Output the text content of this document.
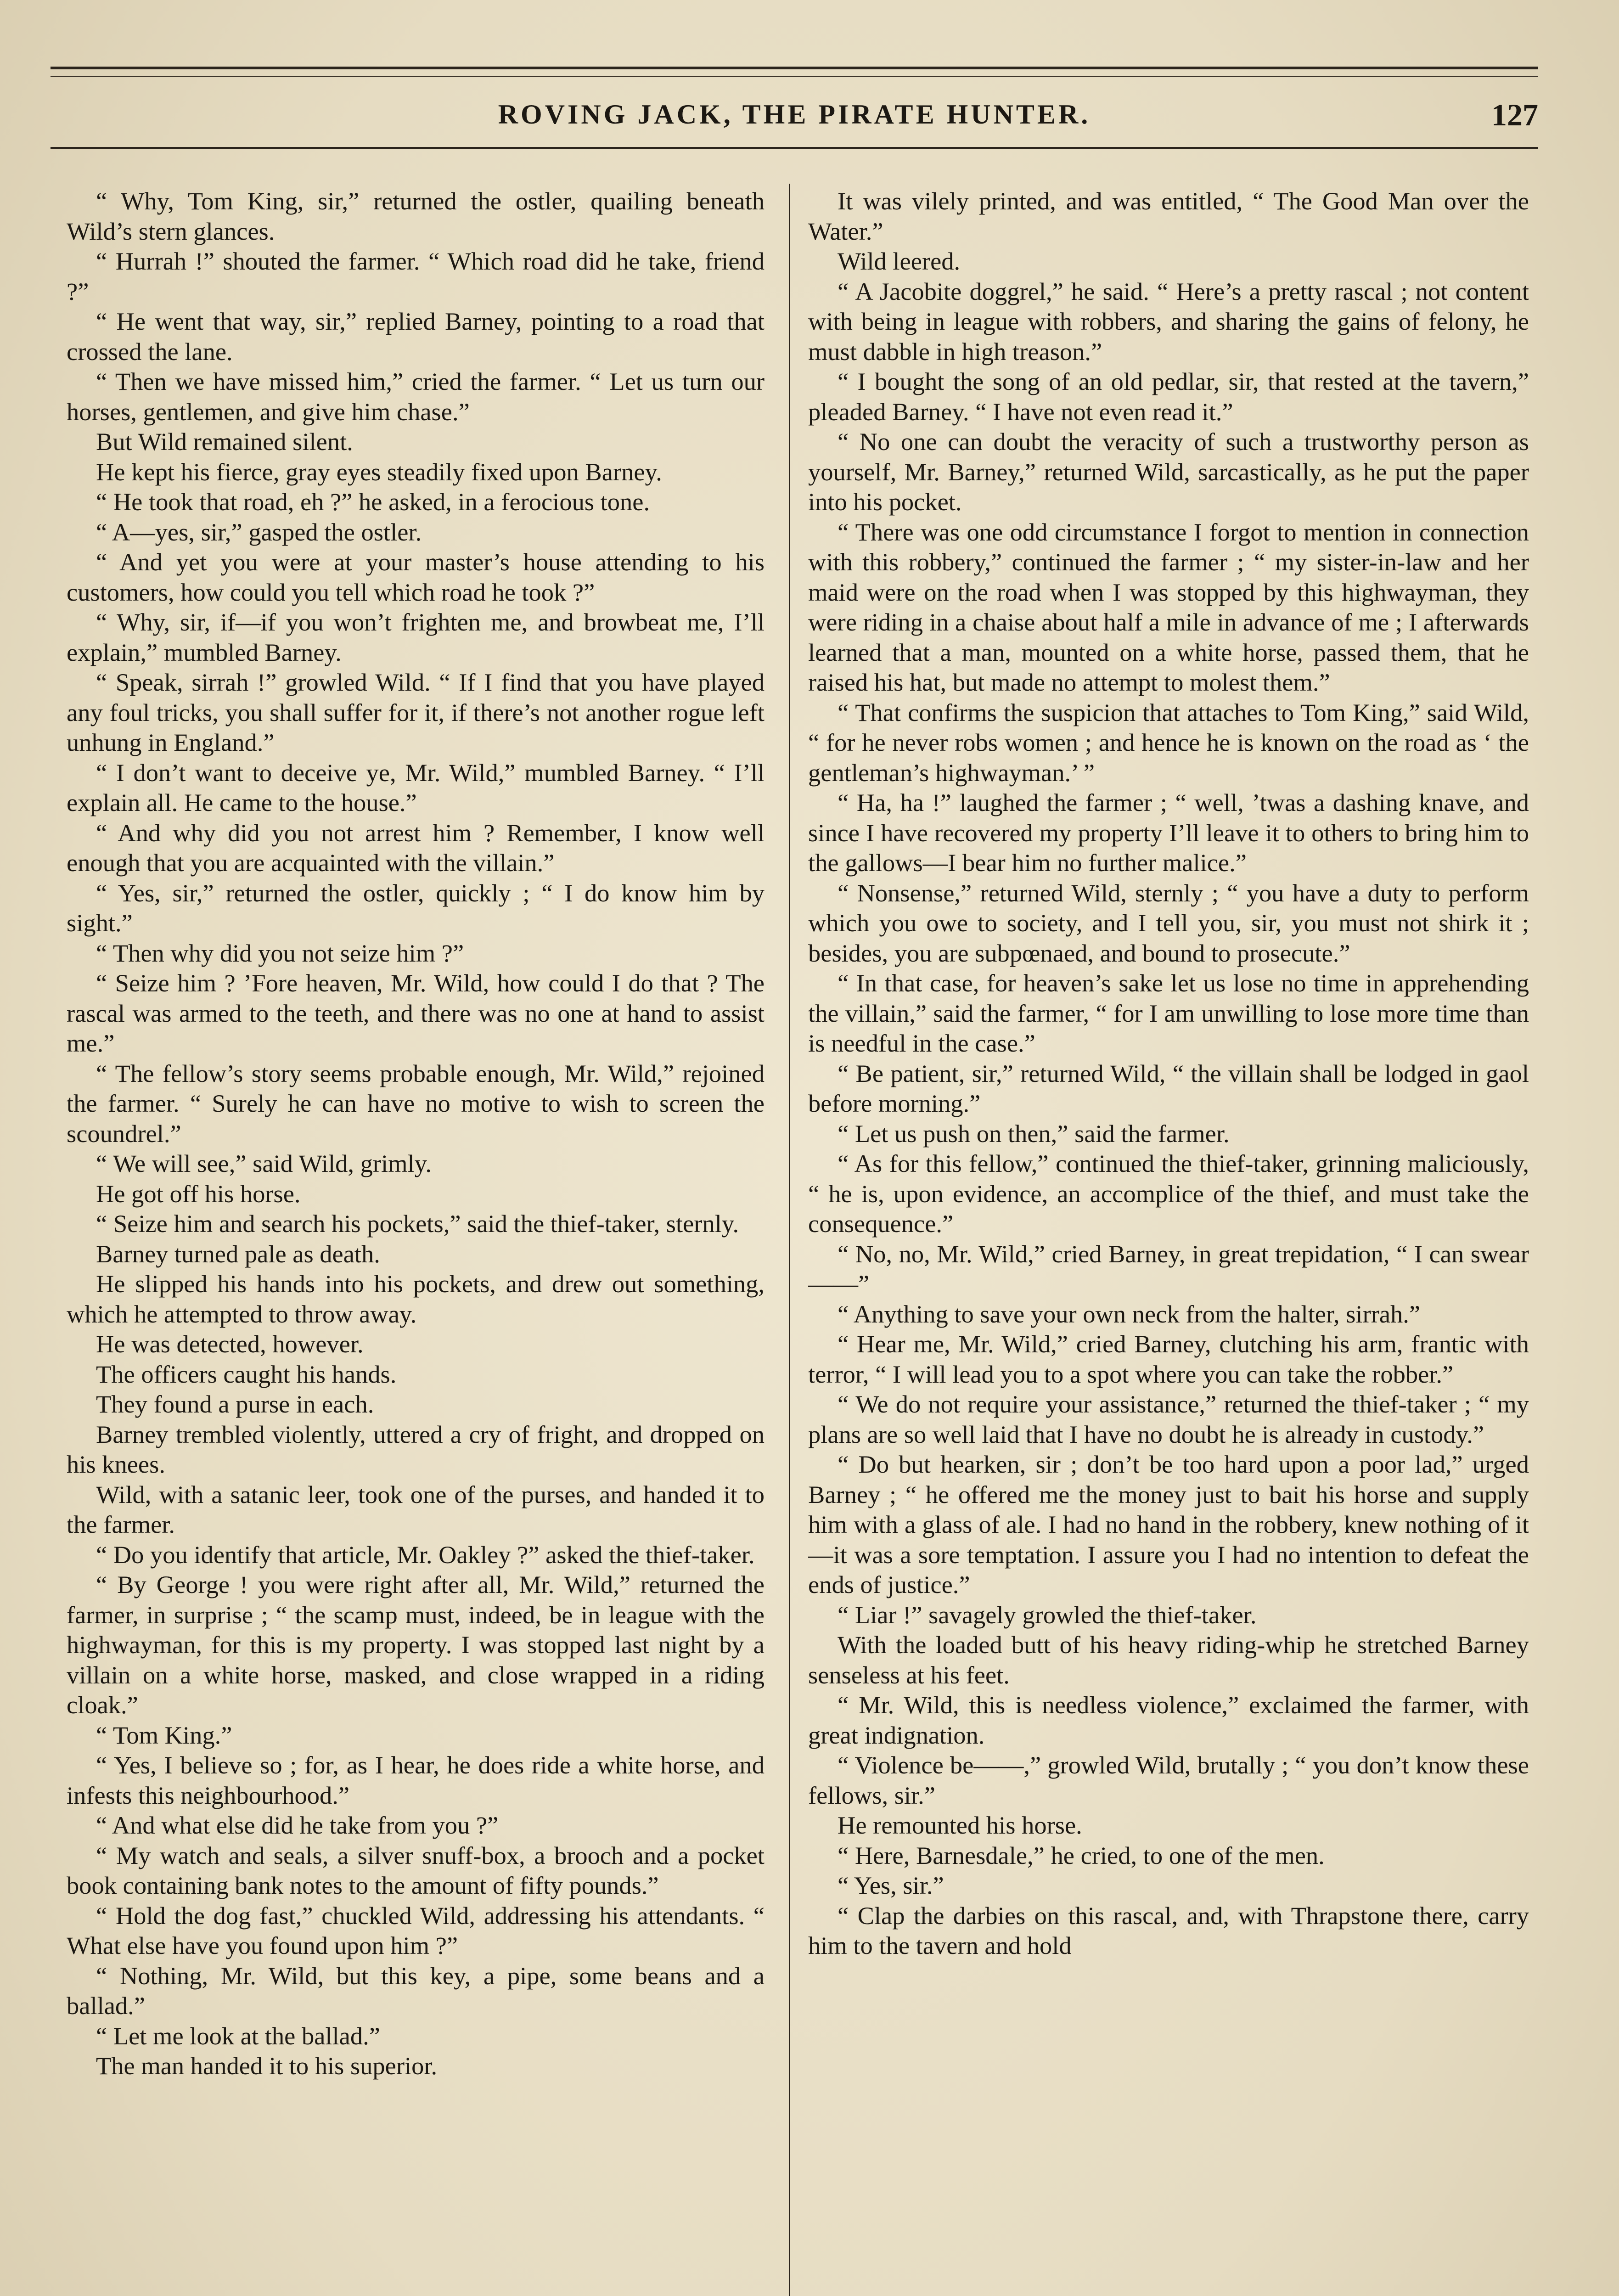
ROVING JACK, THE PIRATE HUNTER.	127

“ Why, Tom King, sir,” returned the ostler, quailing beneath Wild’s stern glances.

“ Hurrah !” shouted the farmer. “ Which road did he take, friend ?”

“ He went that way, sir,” replied Barney, pointing to a road that crossed the lane.

“ Then we have missed him,” cried the farmer. “ Let us turn our horses, gentlemen, and give him chase.”

But Wild remained silent.

He kept his fierce, gray eyes steadily fixed upon Barney.

“ He took that road, eh ?” he asked, in a ferocious tone.

“ A—yes, sir,” gasped the ostler.

“ And yet you were at your master’s house attending to his customers, how could you tell which road he took ?”

“ Why, sir, if—if you won’t frighten me, and browbeat me, I’ll explain,” mumbled Barney.

“ Speak, sirrah !” growled Wild. “ If I find that you have played any foul tricks, you shall suffer for it, if there’s not another rogue left unhung in England.”

“ I don’t want to deceive ye, Mr. Wild,” mumbled Barney. “ I’ll explain all. He came to the house.”

“ And why did you not arrest him ? Remember, I know well enough that you are acquainted with the villain.”

“ Yes, sir,” returned the ostler, quickly ; “ I do know him by sight.”

“ Then why did you not seize him ?”

“ Seize him ? ’Fore heaven, Mr. Wild, how could I do that ? The rascal was armed to the teeth, and there was no one at hand to assist me.”

“ The fellow’s story seems probable enough, Mr. Wild,” rejoined the farmer. “ Surely he can have no motive to wish to screen the scoundrel.”

“ We will see,” said Wild, grimly.

He got off his horse.

“ Seize him and search his pockets,” said the thief-taker, sternly.

Barney turned pale as death.

He slipped his hands into his pockets, and drew out something, which he attempted to throw away.

He was detected, however.

The officers caught his hands.

They found a purse in each.

Barney trembled violently, uttered a cry of fright, and dropped on his knees.

Wild, with a satanic leer, took one of the purses, and handed it to the farmer.

“ Do you identify that article, Mr. Oakley ?” asked the thief-taker.

“ By George ! you were right after all, Mr. Wild,” returned the farmer, in surprise ; “ the scamp must, indeed, be in league with the highwayman, for this is my property. I was stopped last night by a villain on a white horse, masked, and close wrapped in a riding cloak.”

“ Tom King.”

“ Yes, I believe so ; for, as I hear, he does ride a white horse, and infests this neighbourhood.”

“ And what else did he take from you ?”

“ My watch and seals, a silver snuff-box, a brooch and a pocket book containing bank notes to the amount of fifty pounds.”

“ Hold the dog fast,” chuckled Wild, addressing his attendants. “ What else have you found upon him ?”

“ Nothing, Mr. Wild, but this key, a pipe, some beans and a ballad.”

“ Let me look at the ballad.”

The man handed it to his superior.

It was vilely printed, and was entitled, “ The Good Man over the Water.”

Wild leered.

“ A Jacobite doggrel,” he said. “ Here’s a pretty rascal ; not content with being in league with robbers, and sharing the gains of felony, he must dabble in high treason.”

“ I bought the song of an old pedlar, sir, that rested at the tavern,” pleaded Barney. “ I have not even read it.”

“ No one can doubt the veracity of such a trustworthy person as yourself, Mr. Barney,” returned Wild, sarcastically, as he put the paper into his pocket.

“ There was one odd circumstance I forgot to mention in connection with this robbery,” continued the farmer ; “ my sister-in-law and her maid were on the road when I was stopped by this highwayman, they were riding in a chaise about half a mile in advance of me ; I afterwards learned that a man, mounted on a white horse, passed them, that he raised his hat, but made no attempt to molest them.”

“ That confirms the suspicion that attaches to Tom King,” said Wild, “ for he never robs women ; and hence he is known on the road as ‘ the gentleman’s highwayman.’ ”

“ Ha, ha !” laughed the farmer ; “ well, ’twas a dashing knave, and since I have recovered my property I’ll leave it to others to bring him to the gallows—I bear him no further malice.”

“ Nonsense,” returned Wild, sternly ; “ you have a duty to perform which you owe to society, and I tell you, sir, you must not shirk it ; besides, you are subpœnaed, and bound to prosecute.”

“ In that case, for heaven’s sake let us lose no time in apprehending the villain,” said the farmer, “ for I am unwilling to lose more time than is needful in the case.”

“ Be patient, sir,” returned Wild, “ the villain shall be lodged in gaol before morning.”

“ Let us push on then,” said the farmer.

“ As for this fellow,” continued the thief-taker, grinning maliciously, “ he is, upon evidence, an accomplice of the thief, and must take the consequence.”

“ No, no, Mr. Wild,” cried Barney, in great trepidation, “ I can swear ——”

“ Anything to save your own neck from the halter, sirrah.”

“ Hear me, Mr. Wild,” cried Barney, clutching his arm, frantic with terror, “ I will lead you to a spot where you can take the robber.”

“ We do not require your assistance,” returned the thief-taker ; “ my plans are so well laid that I have no doubt he is already in custody.”

“ Do but hearken, sir ; don’t be too hard upon a poor lad,” urged Barney ; “ he offered me the money just to bait his horse and supply him with a glass of ale. I had no hand in the robbery, knew nothing of it—it was a sore temptation. I assure you I had no intention to defeat the ends of justice.”

“ Liar !” savagely growled the thief-taker.

With the loaded butt of his heavy riding-whip he stretched Barney senseless at his feet.

“ Mr. Wild, this is needless violence,” exclaimed the farmer, with great indignation.

“ Violence be——,” growled Wild, brutally ; “ you don’t know these fellows, sir.”

He remounted his horse.

“ Here, Barnesdale,” he cried, to one of the men.

“ Yes, sir.”

“ Clap the darbies on this rascal, and, with Thrapstone there, carry him to the tavern and hold
